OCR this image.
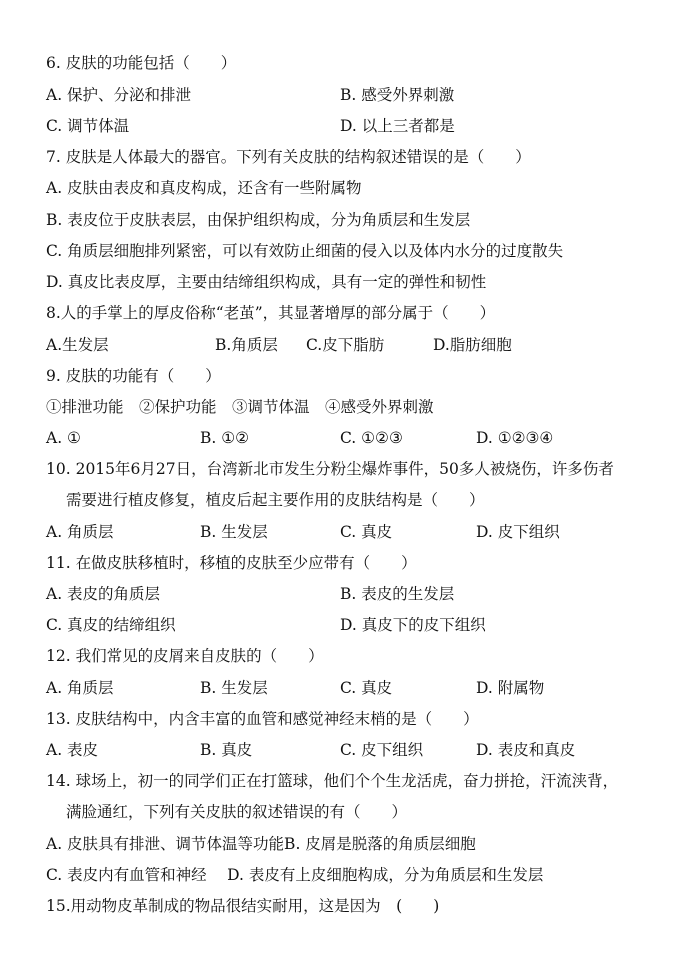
6. 皮肤的功能包括（　　）
A. 保护、分泌和排泄	B. 感受外界刺激
C. 调节体温	D. 以上三者都是
7. 皮肤是人体最大的器官。下列有关皮肤的结构叙述错误的是（　　）
A. 皮肤由表皮和真皮构成，还含有一些附属物
B. 表皮位于皮肤表层，由保护组织构成，分为角质层和生发层
C. 角质层细胞排列紧密，可以有效防止细菌的侵入以及体内水分的过度散失
D. 真皮比表皮厚，主要由结缔组织构成，具有一定的弹性和韧性
8.人的手掌上的厚皮俗称“老茧”，其显著增厚的部分属于（　　）
A.生发层	B.角质层 C.皮下脂肪	D.脂肪细胞
9. 皮肤的功能有（　　）
①排泄功能　②保护功能　③调节体温　④感受外界刺激
A. ①	B. ①②	C. ①②③	D. ①②③④
10. 2015年6月27日，台湾新北市发生分粉尘爆炸事件，50多人被烧伤，许多伤者
需要进行植皮修复，植皮后起主要作用的皮肤结构是（　　）
A. 角质层	B. 生发层	C. 真皮	D. 皮下组织
11. 在做皮肤移植时，移植的皮肤至少应带有（　　）
A. 表皮的角质层	B. 表皮的生发层
C. 真皮的结缔组织	D. 真皮下的皮下组织
12. 我们常见的皮屑来自皮肤的（　　）
A. 角质层	B. 生发层	C. 真皮	D. 附属物
13. 皮肤结构中，内含丰富的血管和感觉神经末梢的是（　　）
A. 表皮	B. 真皮	C. 皮下组织	D. 表皮和真皮
14. 球场上，初一的同学们正在打篮球，他们个个生龙活虎，奋力拼抢，汗流浃背，
满脸通红，下列有关皮肤的叙述错误的有（　　）
A. 皮肤具有排泄、调节体温等功能B. 皮屑是脱落的角质层细胞
C. 表皮内有血管和神经　 D. 表皮有上皮细胞构成，分为角质层和生发层
15.用动物皮革制成的物品很结实耐用，这是因为　(　　)
